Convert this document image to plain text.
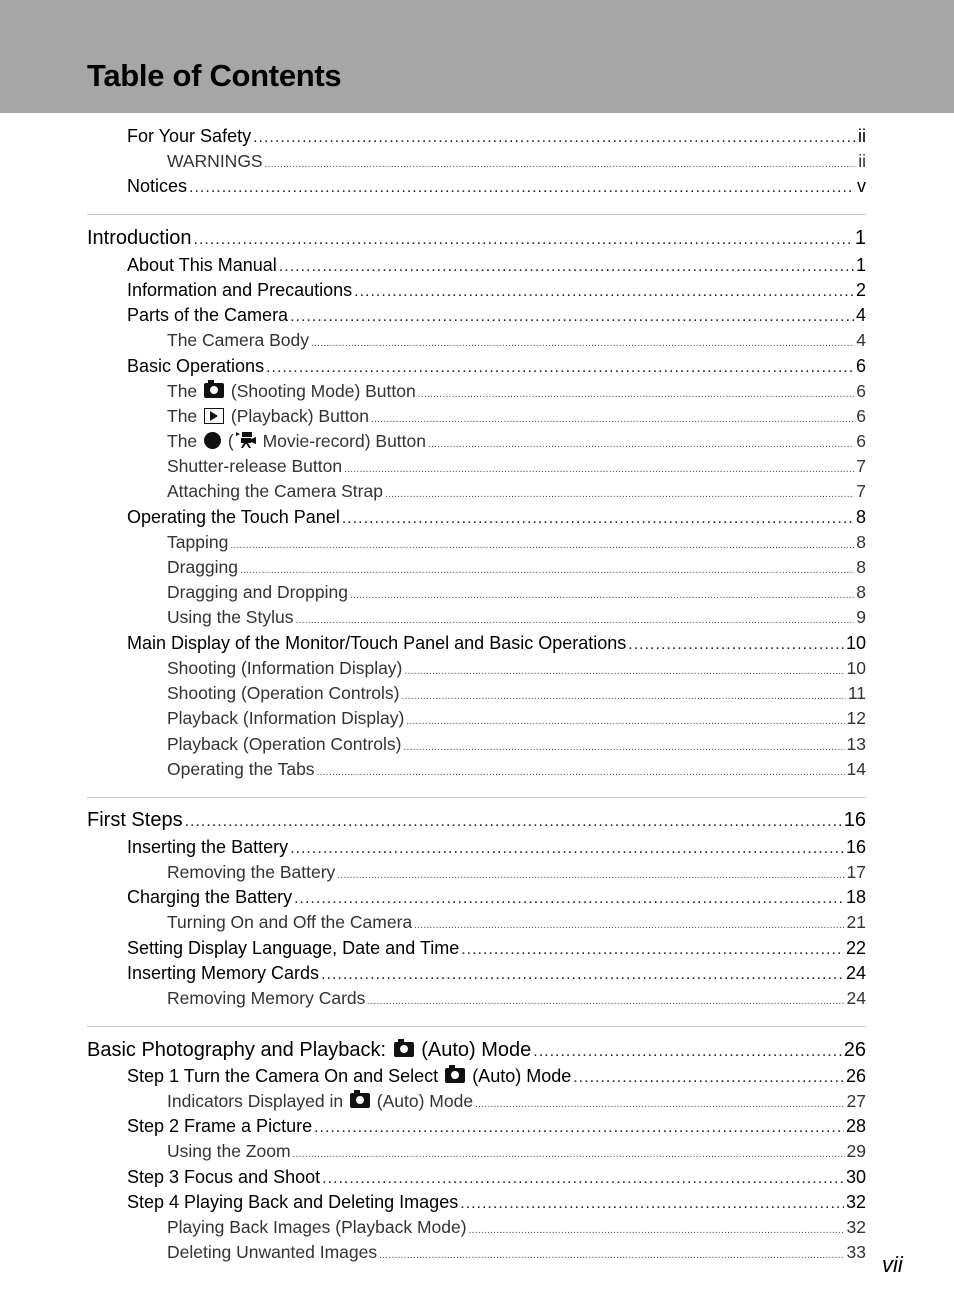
Table of Contents
For Your Safety .....	ii
WARNINGS .....	ii
Notices .....	v
Introduction .....	1
About This Manual .....	1
Information and Precautions .....	2
Parts of the Camera .....	4
The Camera Body .....	4
Basic Operations .....	6
The  (Shooting Mode) Button .....	6
The  (Playback) Button .....	6
The  ( Movie-record) Button .....	6
Shutter-release Button .....	7
Attaching the Camera Strap .....	7
Operating the Touch Panel .....	8
Tapping .....	8
Dragging .....	8
Dragging and Dropping .....	8
Using the Stylus .....	9
Main Display of the Monitor/Touch Panel and Basic Operations .....	10
Shooting (Information Display) .....	10
Shooting (Operation Controls) .....	11
Playback (Information Display) .....	12
Playback (Operation Controls) .....	13
Operating the Tabs .....	14
First Steps .....	16
Inserting the Battery .....	16
Removing the Battery .....	17
Charging the Battery .....	18
Turning On and Off the Camera .....	21
Setting Display Language, Date and Time .....	22
Inserting Memory Cards .....	24
Removing Memory Cards .....	24
Basic Photography and Playback:  (Auto) Mode .....	26
Step 1 Turn the Camera On and Select  (Auto) Mode .....	26
Indicators Displayed in  (Auto) Mode .....	27
Step 2 Frame a Picture .....	28
Using the Zoom .....	29
Step 3 Focus and Shoot .....	30
Step 4 Playing Back and Deleting Images .....	32
Playing Back Images (Playback Mode) .....	32
Deleting Unwanted Images .....	33 vii
